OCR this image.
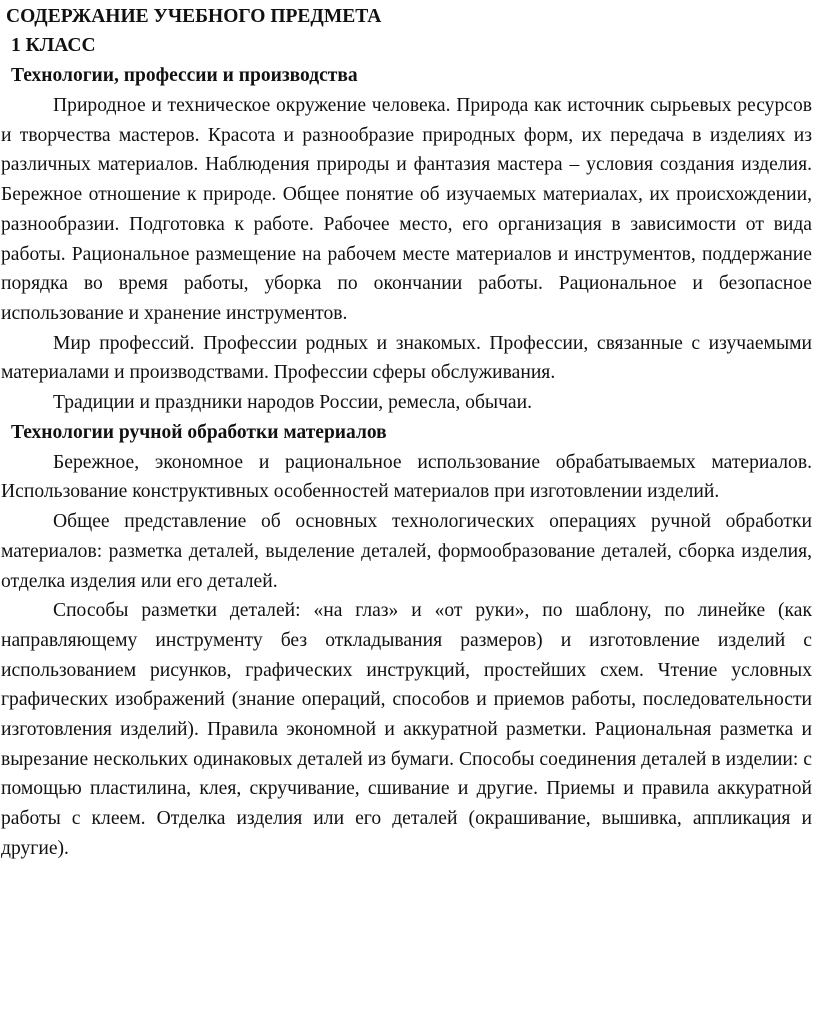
СОДЕРЖАНИЕ УЧЕБНОГО ПРЕДМЕТА
1 КЛАСС
Технологии, профессии и производства

Природное и техническое окружение человека. Природа как источник сырьевых ресурсов и творчества мастеров. Красота и разнообразие природных форм, их передача в изделиях из различных материалов. Наблюдения природы и фантазия мастера – условия создания изделия. Бережное отношение к природе. Общее понятие об изучаемых материалах, их происхождении, разнообразии. Подготовка к работе. Рабочее место, его организация в зависимости от вида работы. Рациональное размещение на рабочем месте материалов и инструментов, поддержание порядка во время работы, уборка по окончании работы. Рациональное и безопасное использование и хранение инструментов.

Мир профессий. Профессии родных и знакомых. Профессии, связанные с изучаемыми материалами и производствами. Профессии сферы обслуживания.

Традиции и праздники народов России, ремесла, обычаи.

Технологии ручной обработки материалов

Бережное, экономное и рациональное использование обрабатываемых материалов. Использование конструктивных особенностей материалов при изготовлении изделий.

Общее представление об основных технологических операциях ручной обработки материалов: разметка деталей, выделение деталей, формообразование деталей, сборка изделия, отделка изделия или его деталей.

Способы разметки деталей: «на глаз» и «от руки», по шаблону, по линейке (как направляющему инструменту без откладывания размеров) и изготовление изделий с использованием рисунков, графических инструкций, простейших схем. Чтение условных графических изображений (знание операций, способов и приемов работы, последовательности изготовления изделий). Правила экономной и аккуратной разметки. Рациональная разметка и вырезание нескольких одинаковых деталей из бумаги. Способы соединения деталей в изделии: с помощью пластилина, клея, скручивание, сшивание и другие. Приемы и правила аккуратной работы с клеем. Отделка изделия или его деталей (окрашивание, вышивка, аппликация и другие).
